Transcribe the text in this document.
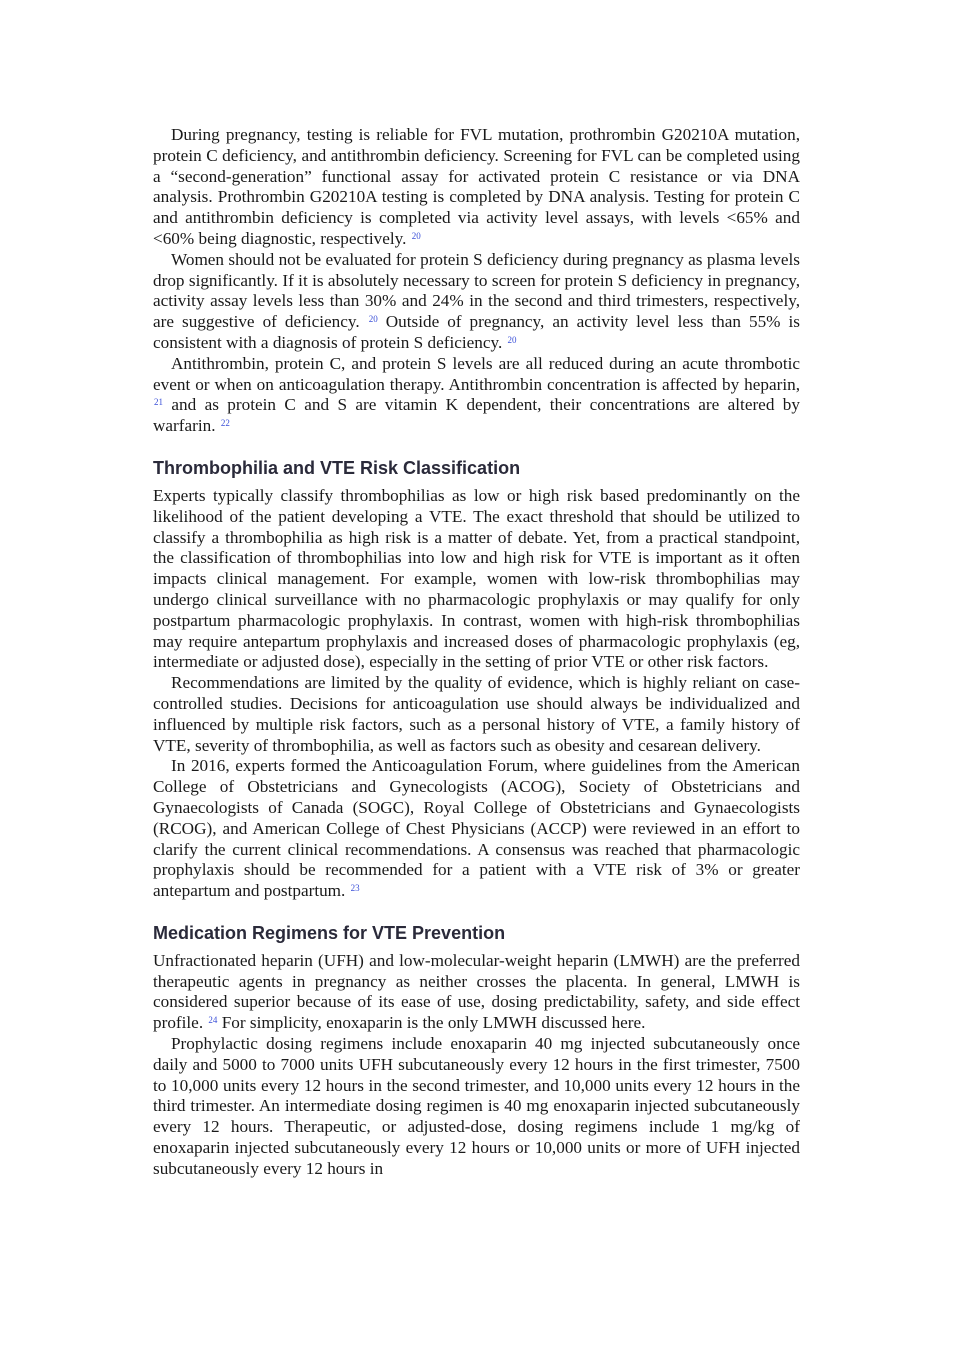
During pregnancy, testing is reliable for FVL mutation, prothrombin G20210A mutation, protein C deficiency, and antithrombin deficiency. Screening for FVL can be completed using a “second-generation” functional assay for activated protein C resistance or via DNA analysis. Prothrombin G20210A testing is completed by DNA analysis. Testing for protein C and antithrombin deficiency is completed via activity level assays, with levels <65% and <60% being diagnostic, respectively. $^{20}$

Women should not be evaluated for protein S deficiency during pregnancy as plasma levels drop significantly. If it is absolutely necessary to screen for protein S deficiency in pregnancy, activity assay levels less than 30% and 24% in the second and third trimesters, respectively, are suggestive of deficiency. $^{20}$ Outside of pregnancy, an activity level less than 55% is consistent with a diagnosis of protein S deficiency. $^{20}$

Antithrombin, protein C, and protein S levels are all reduced during an acute thrombotic event or when on anticoagulation therapy. Antithrombin concentration is affected by heparin, $^{21}$ and as protein C and S are vitamin K dependent, their concentrations are altered by warfarin. $^{22}$

Thrombophilia and VTE Risk Classification

Experts typically classify thrombophilias as low or high risk based predominantly on the likelihood of the patient developing a VTE. The exact threshold that should be utilized to classify a thrombophilia as high risk is a matter of debate. Yet, from a practical standpoint, the classification of thrombophilias into low and high risk for VTE is important as it often impacts clinical management. For example, women with low-risk thrombophilias may undergo clinical surveillance with no pharmacologic prophylaxis or may qualify for only postpartum pharmacologic prophylaxis. In contrast, women with high-risk thrombophilias may require antepartum prophylaxis and increased doses of pharmacologic prophylaxis (eg, intermediate or adjusted dose), especially in the setting of prior VTE or other risk factors.

Recommendations are limited by the quality of evidence, which is highly reliant on case-controlled studies. Decisions for anticoagulation use should always be individualized and influenced by multiple risk factors, such as a personal history of VTE, a family history of VTE, severity of thrombophilia, as well as factors such as obesity and cesarean delivery.

In 2016, experts formed the Anticoagulation Forum, where guidelines from the American College of Obstetricians and Gynecologists (ACOG), Society of Obstetricians and Gynaecologists of Canada (SOGC), Royal College of Obstetricians and Gynaecologists (RCOG), and American College of Chest Physicians (ACCP) were reviewed in an effort to clarify the current clinical recommendations. A consensus was reached that pharmacologic prophylaxis should be recommended for a patient with a VTE risk of 3% or greater antepartum and postpartum. $^{23}$

Medication Regimens for VTE Prevention

Unfractionated heparin (UFH) and low-molecular-weight heparin (LMWH) are the preferred therapeutic agents in pregnancy as neither crosses the placenta. In general, LMWH is considered superior because of its ease of use, dosing predictability, safety, and side effect profile. $^{24}$ For simplicity, enoxaparin is the only LMWH discussed here.

Prophylactic dosing regimens include enoxaparin 40 mg injected subcutaneously once daily and 5000 to 7000 units UFH subcutaneously every 12 hours in the first trimester, 7500 to 10,000 units every 12 hours in the second trimester, and 10,000 units every 12 hours in the third trimester. An intermediate dosing regimen is 40 mg enoxaparin injected subcutaneously every 12 hours. Therapeutic, or adjusted-dose, dosing regimens include 1 mg/kg of enoxaparin injected subcutaneously every 12 hours or 10,000 units or more of UFH injected subcutaneously every 12 hours in
